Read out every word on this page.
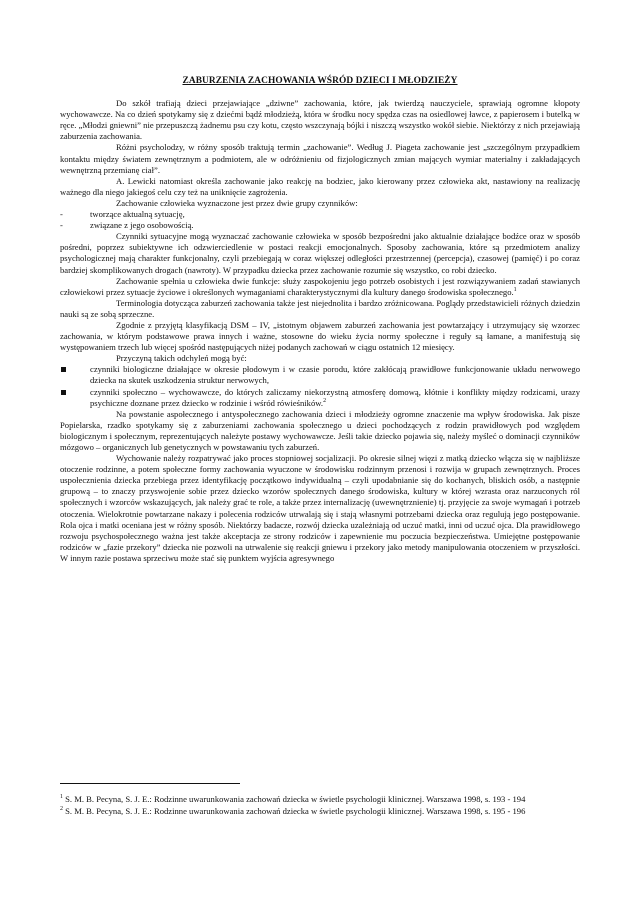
ZABURZENIA ZACHOWANIA WŚRÓD DZIECI I MŁODZIEŻY

Do szkół trafiają dzieci przejawiające „dziwne” zachowania, które, jak twierdzą nauczyciele, sprawiają ogromne kłopoty wychowawcze. Na co dzień spotykamy się z dziećmi bądź młodzieżą, która w środku nocy spędza czas na osiedlowej ławce, z papierosem i butelką w ręce. „Młodzi gniewni” nie przepuszczą żadnemu psu czy kotu, często wszczynają bójki i niszczą wszystko wokół siebie. Niektórzy z nich przejawiają zaburzenia zachowania.

Różni psycholodzy, w różny sposób traktują termin „zachowanie”. Według J. Piageta zachowanie jest „szczególnym przypadkiem kontaktu między światem zewnętrznym a podmiotem, ale w odróżnieniu od fizjologicznych zmian mających wymiar materialny i zakładających wewnętrzną przemianę ciał”.

A. Lewicki natomiast określa zachowanie jako reakcję na bodziec, jako kierowany przez człowieka akt, nastawiony na realizację ważnego dla niego jakiegoś celu czy też na uniknięcie zagrożenia.

Zachowanie człowieka wyznaczone jest przez dwie grupy czynników:

- tworzące aktualną sytuację,
- związane z jego osobowością.

Czynniki sytuacyjne mogą wyznaczać zachowanie człowieka w sposób bezpośredni jako aktualnie działające bodźce oraz w sposób pośredni, poprzez subiektywne ich odzwierciedlenie w postaci reakcji emocjonalnych. Sposoby zachowania, które są przedmiotem analizy psychologicznej mają charakter funkcjonalny, czyli przebiegają w coraz większej odległości przestrzennej (percepcja), czasowej (pamięć) i po coraz bardziej skomplikowanych drogach (nawroty). W przypadku dziecka przez zachowanie rozumie się wszystko, co robi dziecko.

Zachowanie spełnia u człowieka dwie funkcje: służy zaspokojeniu jego potrzeb osobistych i jest rozwiązywaniem zadań stawianych człowiekowi przez sytuacje życiowe i określonych wymaganiami charakterystycznymi dla kultury danego środowiska społecznego.$^1$

Terminologia dotycząca zaburzeń zachowania także jest niejednolita i bardzo zróżnicowana. Poglądy przedstawicieli różnych dziedzin nauki są ze sobą sprzeczne.

Zgodnie z przyjętą klasyfikacją DSM – IV, „istotnym objawem zaburzeń zachowania jest powtarzający i utrzymujący się wzorzec zachowania, w którym podstawowe prawa innych i ważne, stosowne do wieku życia normy społeczne i reguły są łamane, a manifestują się występowaniem trzech lub więcej spośród następujących niżej podanych zachowań w ciągu ostatnich 12 miesięcy.

Przyczyną takich odchyleń mogą być:

czynniki biologiczne działające w okresie płodowym i w czasie porodu, które zakłócają prawidłowe funkcjonowanie układu nerwowego dziecka na skutek uszkodzenia struktur nerwowych,
czynniki społeczno – wychowawcze, do których zaliczamy niekorzystną atmosferę domową, kłótnie i konflikty między rodzicami, urazy psychiczne doznane przez dziecko w rodzinie i wśród rówieśników.$^2$

Na powstanie aspołecznego i antyspołecznego zachowania dzieci i młodzieży ogromne znaczenie ma wpływ środowiska. Jak pisze Popielarska, rzadko spotykamy się z zaburzeniami zachowania społecznego u dzieci pochodzących z rodzin prawidłowych pod względem biologicznym i społecznym, reprezentujących należyte postawy wychowawcze. Jeśli takie dziecko pojawia się, należy myśleć o dominacji czynników mózgowo – organicznych lub genetycznych w powstawaniu tych zaburzeń.

Wychowanie należy rozpatrywać jako proces stopniowej socjalizacji. Po okresie silnej więzi z matką dziecko włącza się w najbliższe otoczenie rodzinne, a potem społeczne formy zachowania wyuczone w środowisku rodzinnym przenosi i rozwija w grupach zewnętrznych. Proces uspołecznienia dziecka przebiega przez identyfikację początkowo indywidualną – czyli upodabnianie się do kochanych, bliskich osób, a następnie grupową – to znaczy przyswojenie sobie przez dziecko wzorów społecznych danego środowiska, kultury w której wzrasta oraz narzuconych ról społecznych i wzorców wskazujących, jak należy grać te role, a także przez internalizację (uwewnętrznienie) tj. przyjęcie za swoje wymagań i potrzeb otoczenia. Wielokrotnie powtarzane nakazy i polecenia rodziców utrwalają się i stają własnymi potrzebami dziecka oraz regulują jego postępowanie. Rola ojca i matki oceniana jest w różny sposób. Niektórzy badacze, rozwój dziecka uzależniają od uczuć matki, inni od uczuć ojca. Dla prawidłowego rozwoju psychospołecznego ważna jest także akceptacja ze strony rodziców i zapewnienie mu poczucia bezpieczeństwa. Umiejętne postępowanie rodziców w „fazie przekory” dziecka nie pozwoli na utrwalenie się reakcji gniewu i przekory jako metody manipulowania otoczeniem w przyszłości. W innym razie postawa sprzeciwu może stać się punktem wyjścia agresywnego

$^1$ S. M. B. Pecyna, S. J. E.: Rodzinne uwarunkowania zachowań dziecka w świetle psychologii klinicznej. Warszawa 1998, s. 193 - 194
$^2$ S. M. B. Pecyna, S. J. E.: Rodzinne uwarunkowania zachowań dziecka w świetle psychologii klinicznej. Warszawa 1998, s. 195 - 196
